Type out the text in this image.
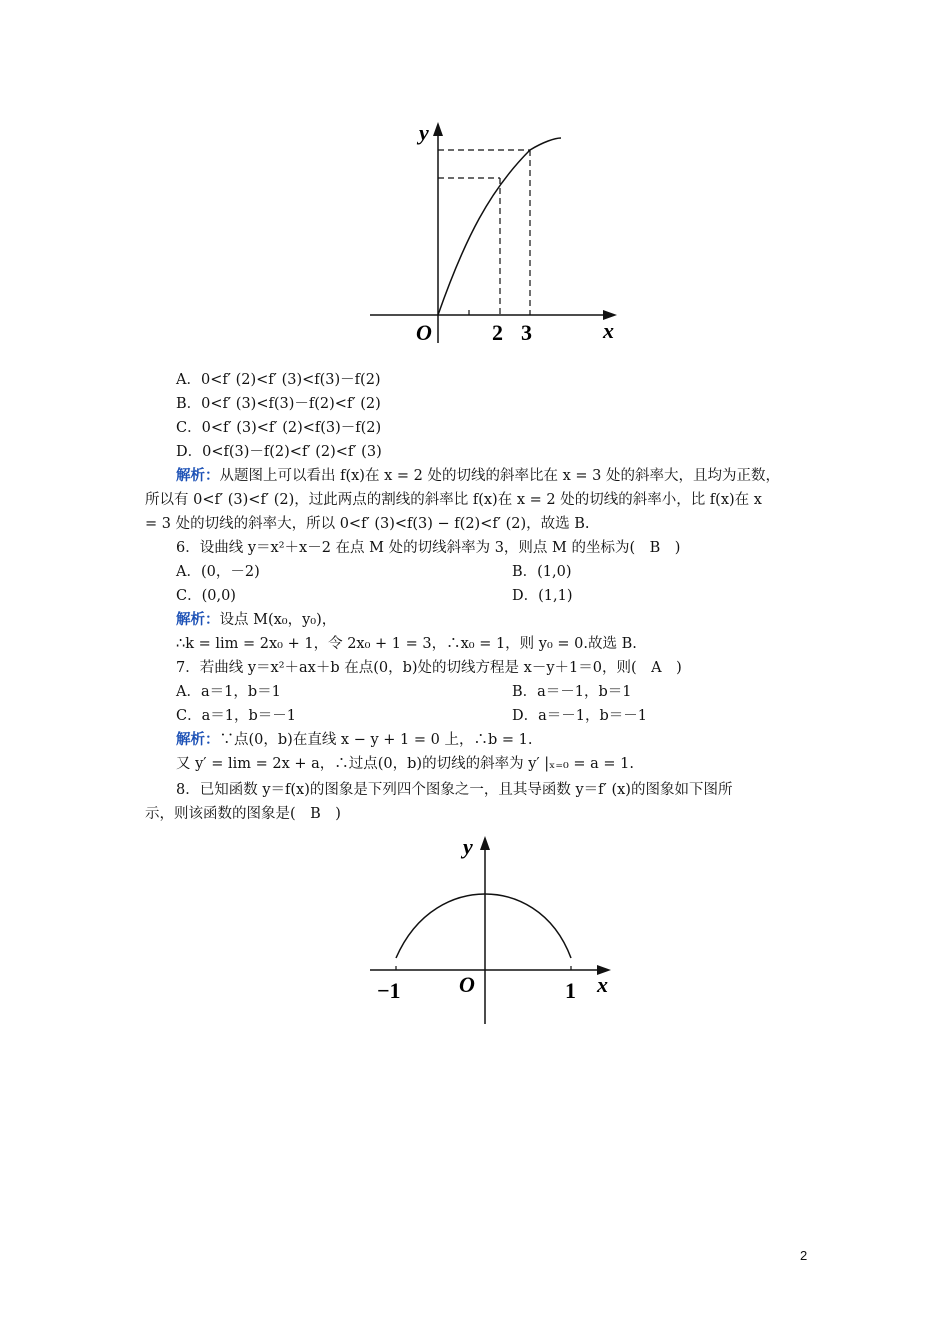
y
x
O	2 3
A．0<f′ (2)<f′ (3)<f(3)－f(2)
B．0<f′ (3)<f(3)－f(2)<f′ (2)
C．0<f′ (3)<f′ (2)<f(3)－f(2)
D．0<f(3)－f(2)<f′ (2)<f′ (3)
解析：从题图上可以看出 f(x)在 x = 2 处的切线的斜率比在 x = 3 处的斜率大，且均为正数，
所以有 0<f′ (3)<f′ (2)，过此两点的割线的斜率比 f(x)在 x = 2 处的切线的斜率小，比 f(x)在 x
= 3 处的切线的斜率大，所以 0<f′ (3)<f(3) − f(2)<f′ (2)，故选 B.
6．设曲线 y＝x²＋x－2 在点 M 处的切线斜率为 3，则点 M 的坐标为(　B　)
A．(0，－2)	B．(1,0)
C．(0,0)	D．(1,1)
解析：设点 M(x₀，y₀)，
∴k = lim = 2x₀ + 1，令 2x₀ + 1 = 3，∴x₀ = 1，则 y₀ = 0.故选 B.
7．若曲线 y＝x²＋ax＋b 在点(0，b)处的切线方程是 x－y＋1＝0，则(　A　)
A．a＝1，b＝1	B．a＝－1，b＝1
C．a＝1，b＝－1	D．a＝－1，b＝－1
解析：∵点(0，b)在直线 x − y + 1 = 0 上，∴b = 1.
又 y′ = lim = 2x + a，∴过点(0，b)的切线的斜率为 y′ |ₓ₌₀ = a = 1.
8．已知函数 y＝f(x)的图象是下列四个图象之一，且其导函数 y＝f′ (x)的图象如下图所
示，则该函数的图象是(　B　)
y
x
O
−1	1
2
